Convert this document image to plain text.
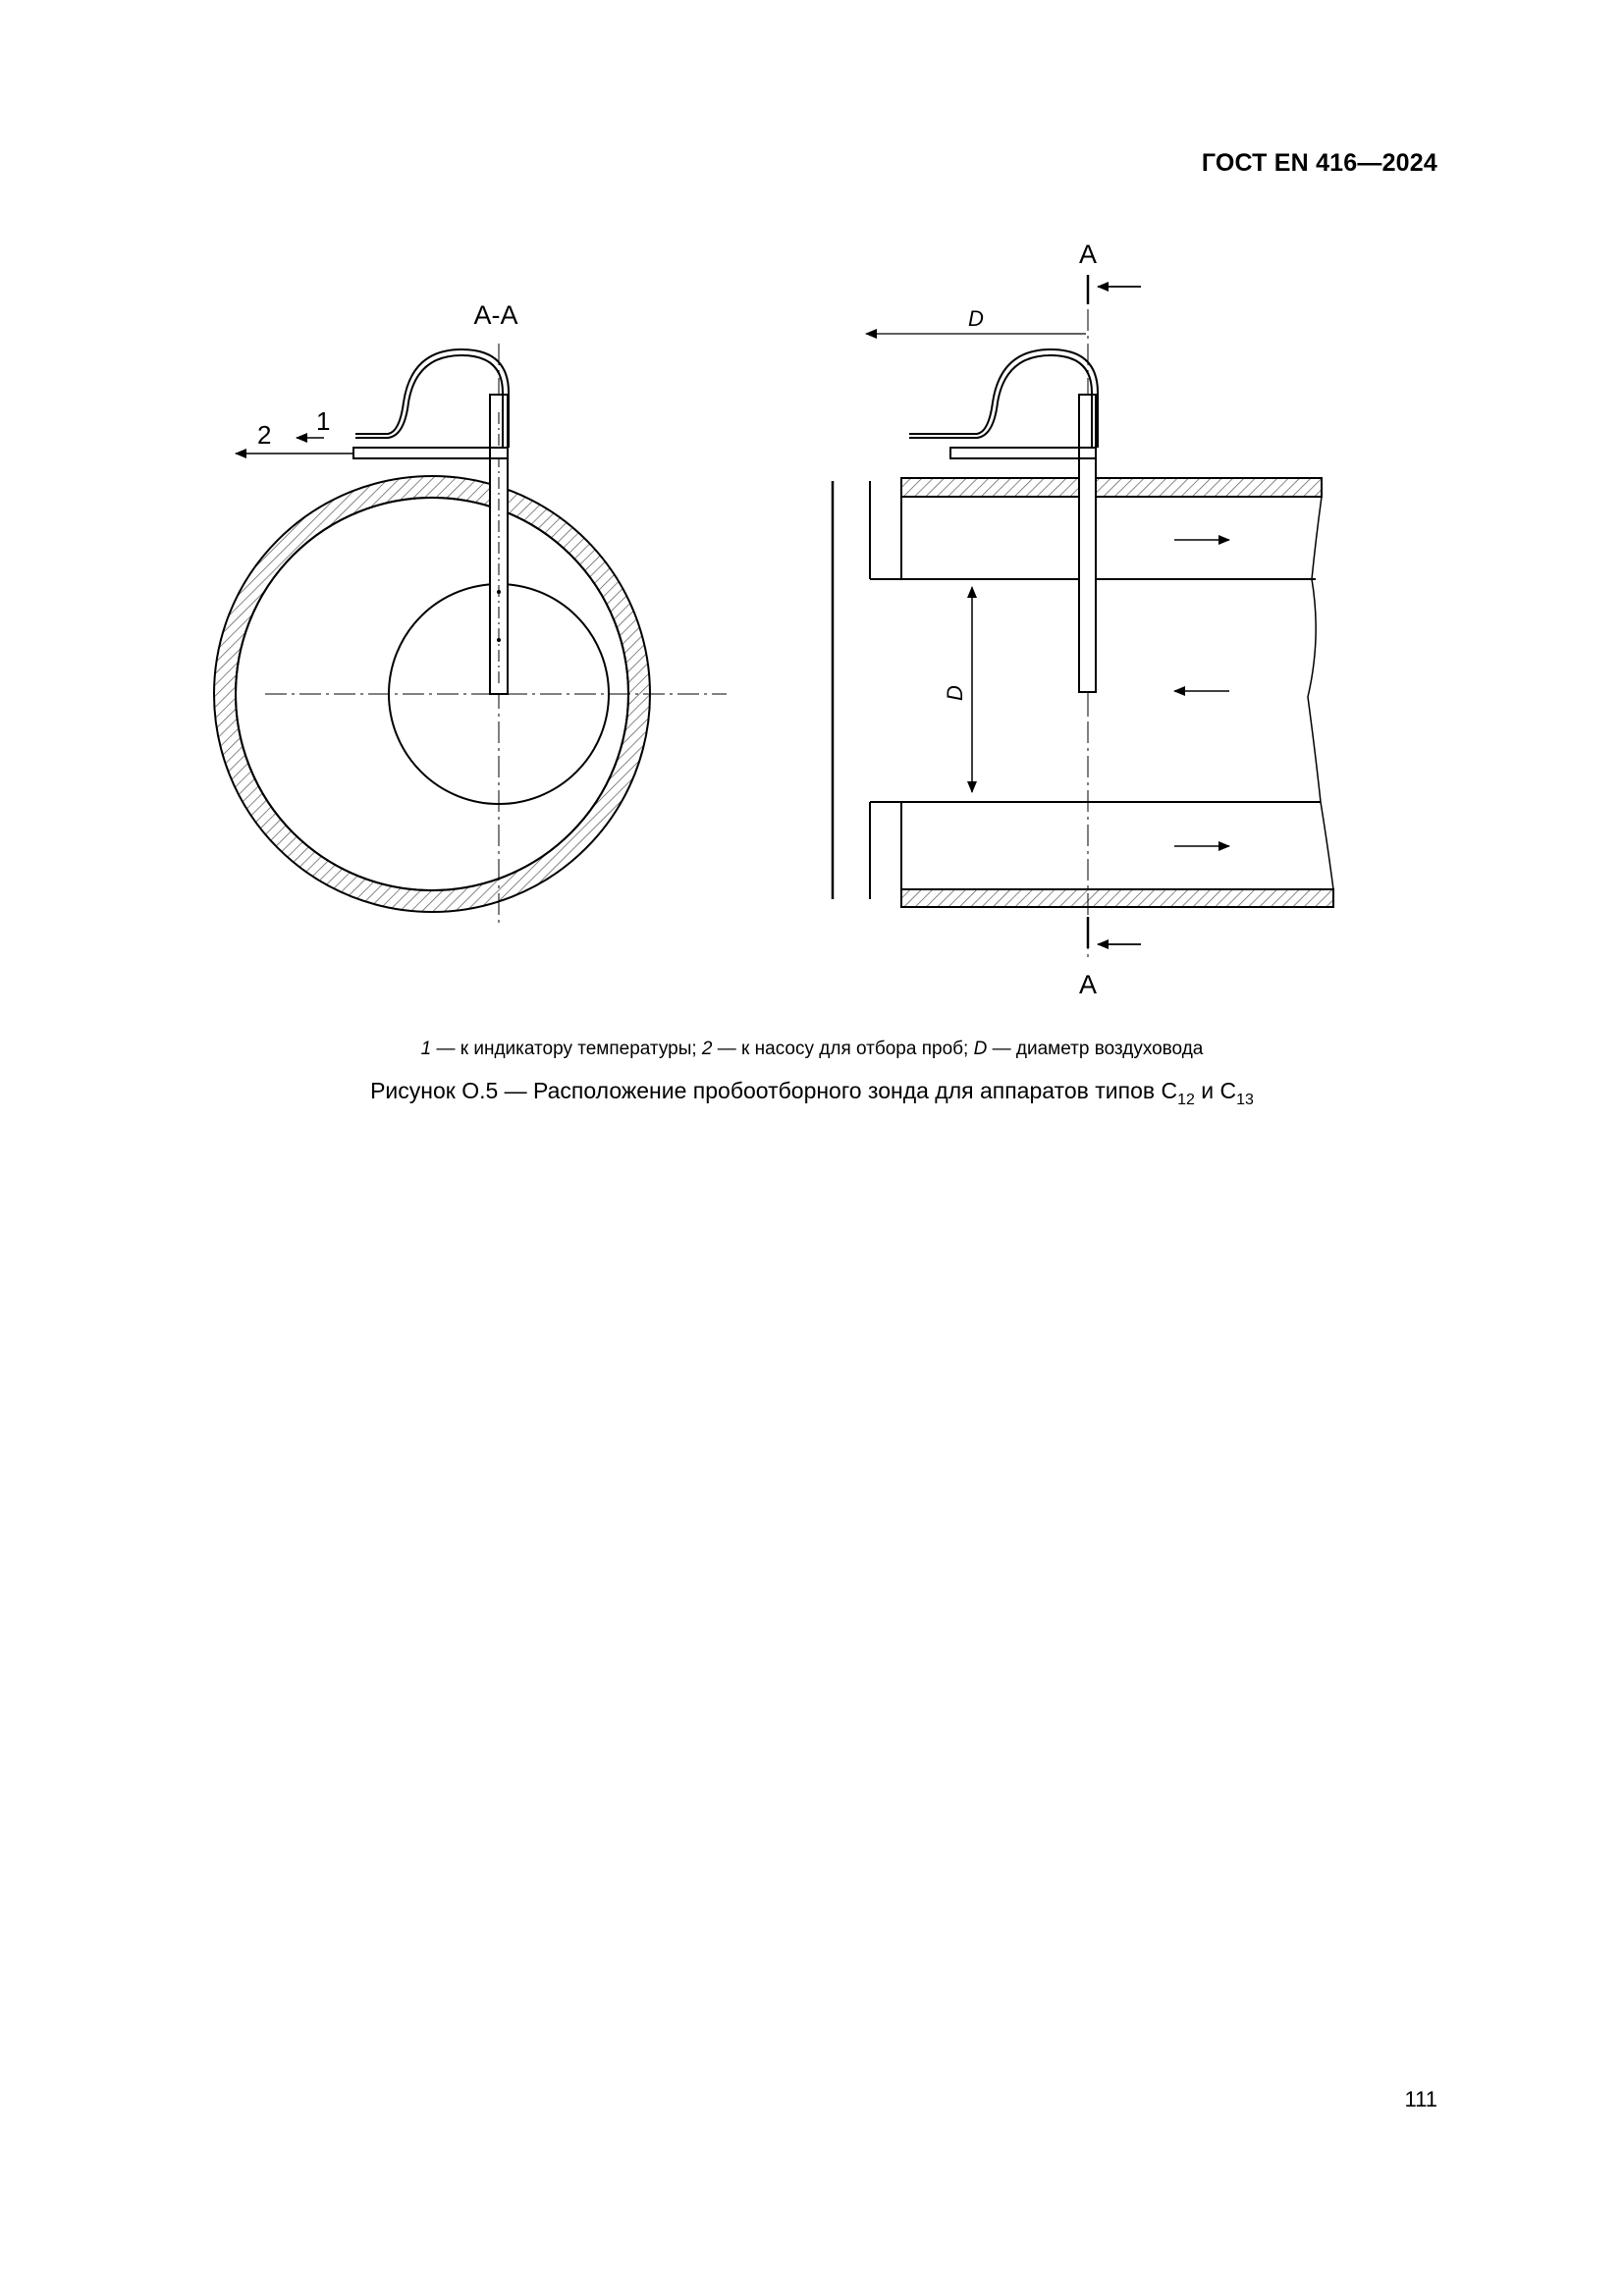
ГОСТ EN 416—2024
1
2
A-A
A
A
D
D
1 — к индикатору температуры; 2 — к насосу для отбора проб; D — диаметр воздуховода
Рисунок О.5 — Расположение пробоотборного зонда для аппаратов типов $C_{12}$ и $C_{13}$
111
